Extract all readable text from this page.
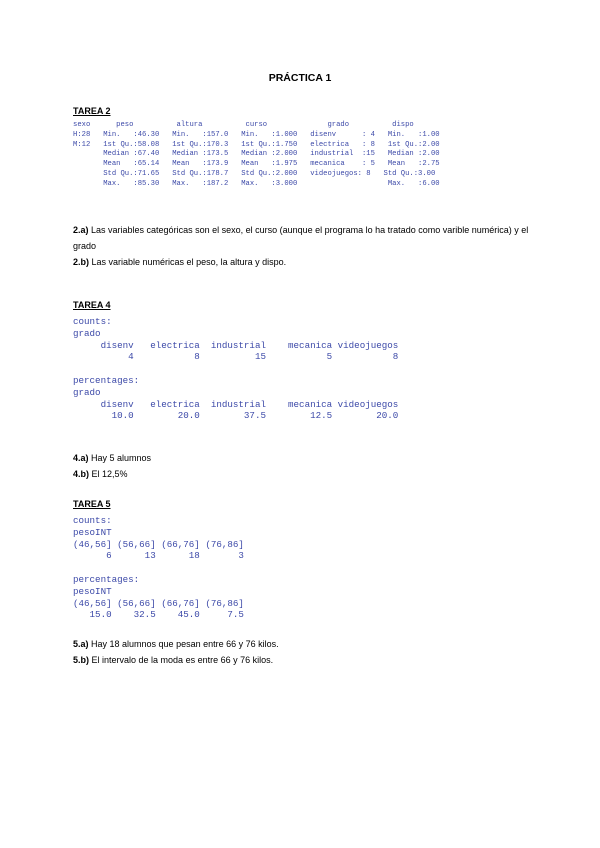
PRÁCTICA 1
TAREA 2
sexo      peso          altura          curso              grado          dispo
H:28   Min.   :46.30   Min.   :157.0   Min.   :1.000   disenv      : 4   Min.   :1.00
M:12   1st Qu.:58.08   1st Qu.:170.3   1st Qu.:1.750   electrica   : 8   1st Qu.:2.00
Median :67.40   Median :173.5   Median :2.000   industrial  :15   Median :2.00
Mean   :65.14   Mean   :173.9   Mean   :1.975   mecanica    : 5   Mean   :2.75
Std Qu.:71.65   Std Qu.:178.7   Std Qu.:2.000   videojuegos: 8   Std Qu.:3.00
Max.   :85.30   Max.   :187.2   Max.   :3.000                     Max.   :6.00
2.a) Las variables categóricas son el sexo, el curso (aunque el programa lo ha tratado como varible numérica) y el grado
2.b) Las variable numéricas el peso, la altura y dispo.
TAREA 4
counts:
grado
disenv   electrica  industrial    mecanica videojuegos
4           8          15           5           8

percentages:
grado
disenv   electrica  industrial    mecanica videojuegos
10.0        20.0        37.5        12.5        20.0
4.a) Hay 5 alumnos
4.b) El 12,5%
TAREA 5
counts:
pesoINT
(46,56] (56,66] (66,76] (76,86]
6      13      18       3

percentages:
pesoINT
(46,56] (56,66] (66,76] (76,86]
15.0    32.5    45.0     7.5
5.a) Hay 18 alumnos que pesan entre 66 y 76 kilos.
5.b) El intervalo de la moda es entre 66 y 76 kilos.
